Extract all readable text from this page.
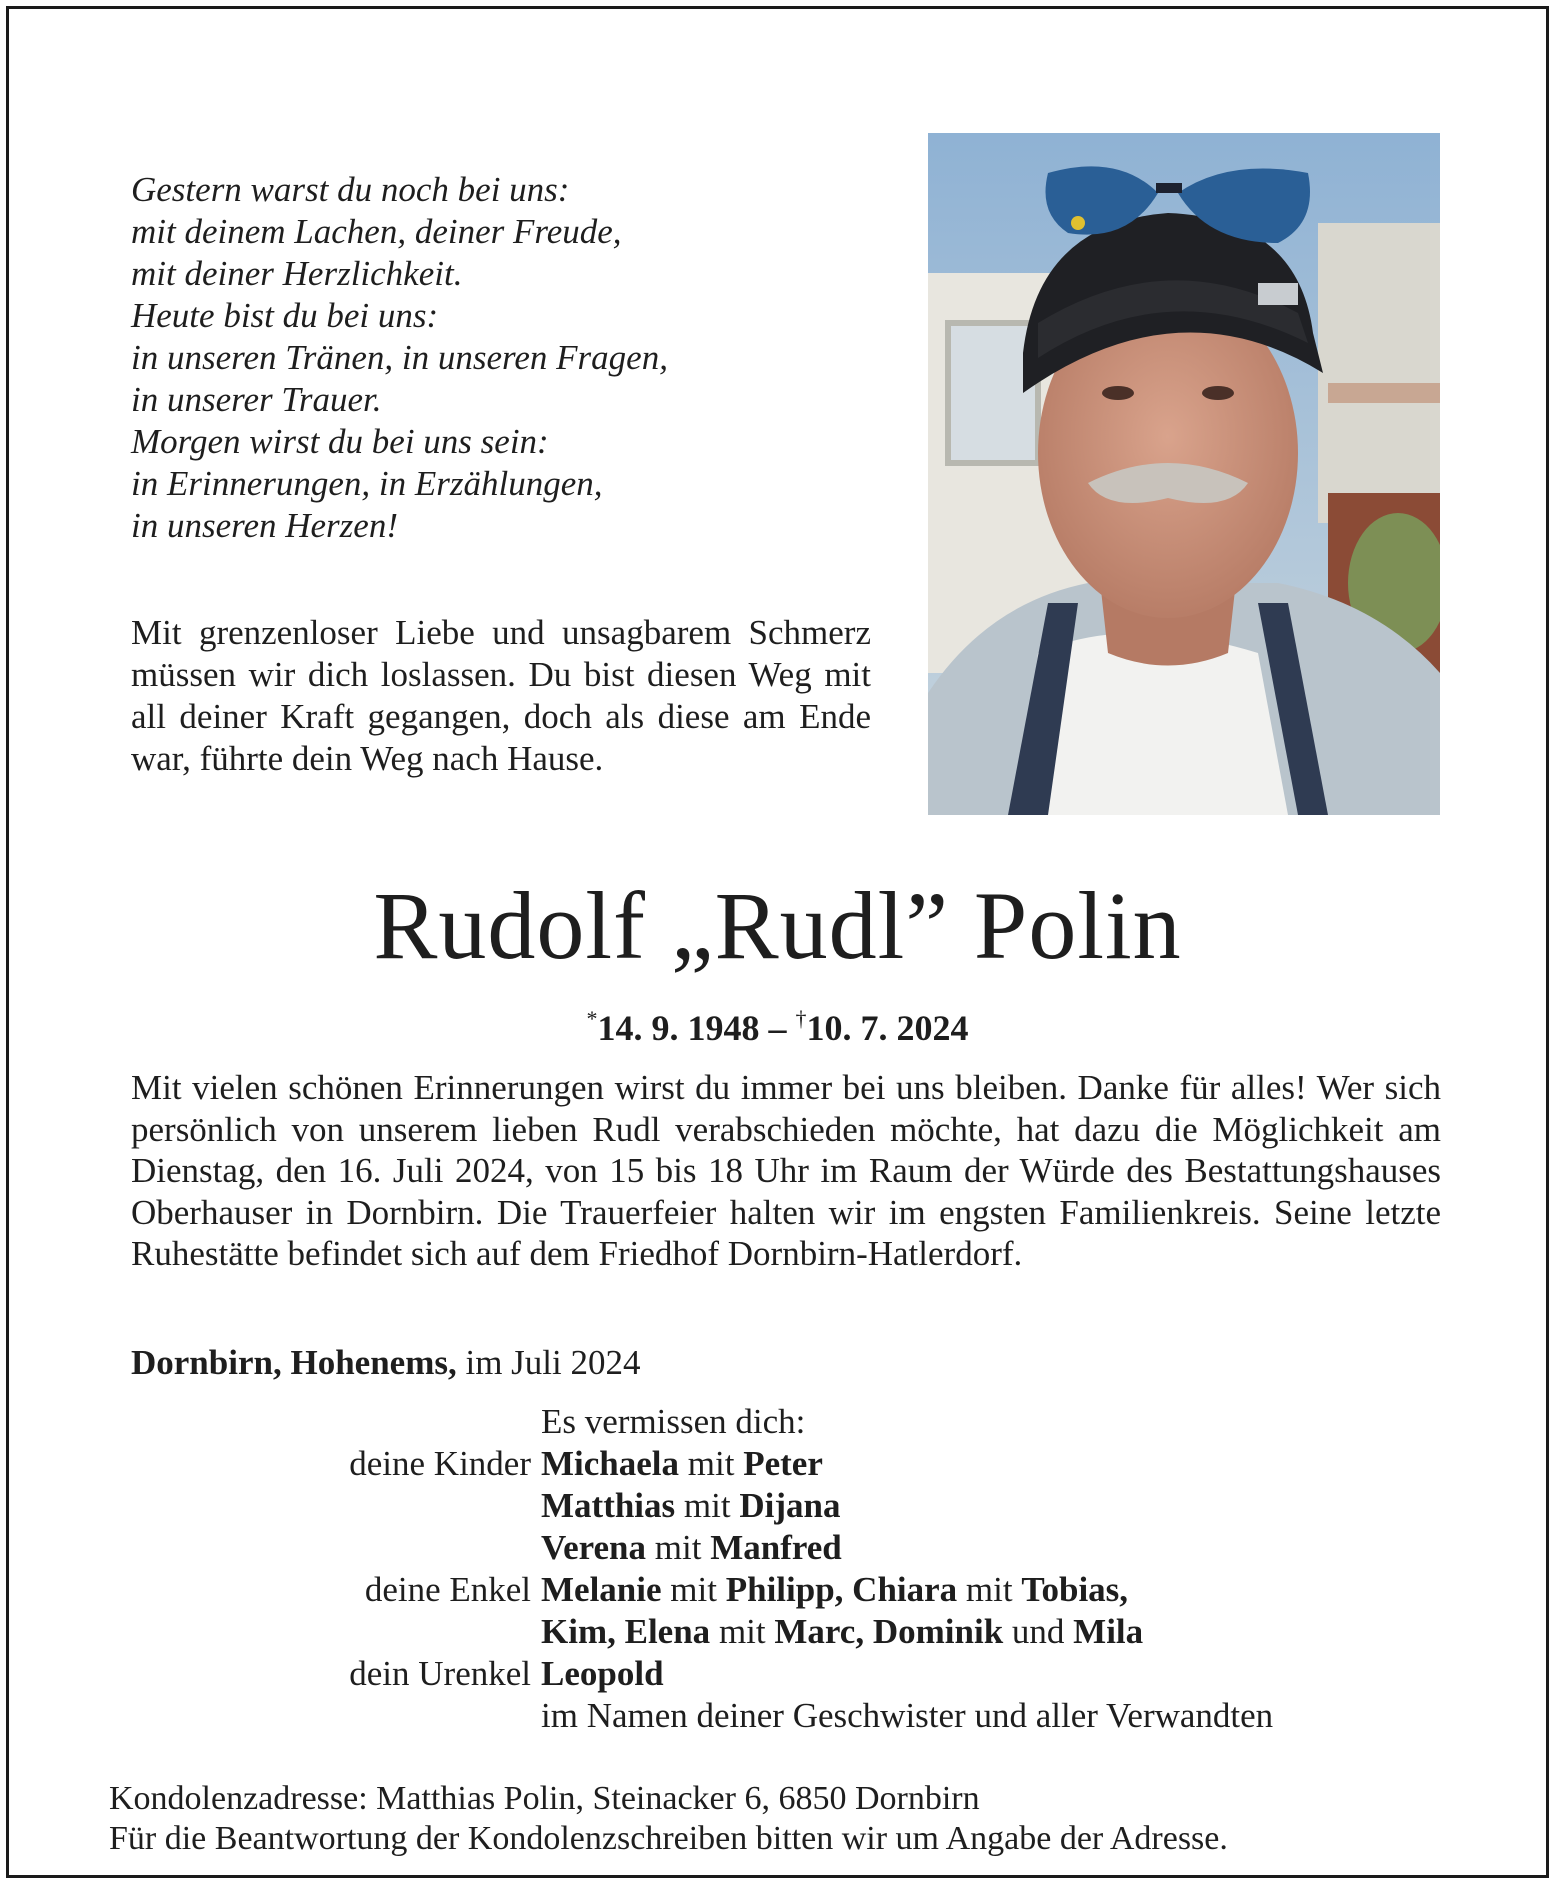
Gestern warst du noch bei uns:
mit deinem Lachen, deiner Freude,
mit deiner Herzlichkeit.
Heute bist du bei uns:
in unseren Tränen, in unseren Fragen,
in unserer Trauer.
Morgen wirst du bei uns sein:
in Erinnerungen, in Erzählungen,
in unseren Herzen!

Mit grenzenloser Liebe und unsagbarem Schmerz müssen wir dich loslassen. Du bist diesen Weg mit all deiner Kraft gegangen, doch als diese am Ende war, führte dein Weg nach Hause.

Rudolf „Rudl” Polin
*14. 9. 1948 – †10. 7. 2024

Mit vielen schönen Erinnerungen wirst du immer bei uns bleiben. Danke für alles! Wer sich persönlich von unserem lieben Rudl verabschieden möchte, hat dazu die Möglichkeit am Dienstag, den 16. Juli 2024, von 15 bis 18 Uhr im Raum der Würde des Bestattungshauses Oberhauser in Dornbirn. Die Trauerfeier halten wir im engsten Familienkreis. Seine letzte Ruhestätte befindet sich auf dem Friedhof Dornbirn-Hatlerdorf.

Dornbirn, Hohenems, im Juli 2024
Es vermissen dich:
deine Kinder Michaela mit Peter
Matthias mit Dijana
Verena mit Manfred
deine Enkel Melanie mit Philipp, Chiara mit Tobias,
Kim, Elena mit Marc, Dominik und Mila
dein Urenkel Leopold
im Namen deiner Geschwister und aller Verwandten
Kondolenzadresse: Matthias Polin, Steinacker 6, 6850 Dornbirn
Für die Beantwortung der Kondolenzschreiben bitten wir um Angabe der Adresse.
